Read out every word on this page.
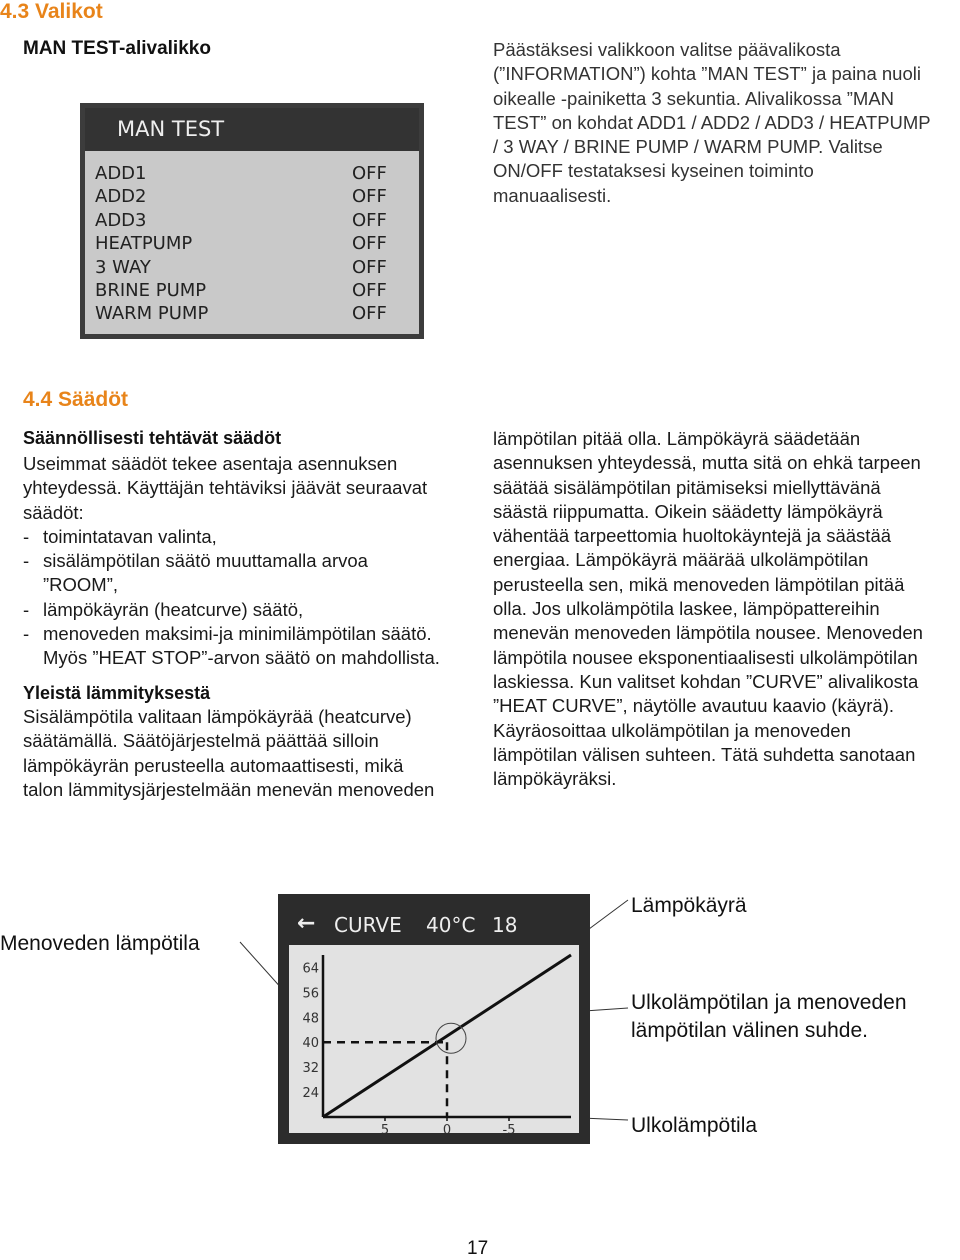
4.3 Valikot
MAN TEST-alivalikko
MAN TEST
ADD1	OFF
ADD2	OFF
ADD3	OFF
HEATPUMP	OFF
3 WAY	OFF
BRINE PUMP	OFF
WARM PUMP	OFF
Päästäksesi valikkoon valitse päävalikosta (”INFORMATION”) kohta ”MAN TEST” ja paina nuoli oikealle -painiketta 3 sekuntia. Alivalikossa ”MAN TEST” on kohdat ADD1 / ADD2 / ADD3 / HEATPUMP / 3 WAY / BRINE PUMP / WARM PUMP. Valitse ON/OFF testataksesi kyseinen toiminto manuaalisesti.
4.4 Säädöt
Säännöllisesti tehtävät säädöt

Useimmat säädöt tekee asentaja asennuksen yhteydessä. Käyttäjän tehtäviksi jäävät seuraavat säädöt:

- toimintatavan valinta,
- sisälämpötilan säätö muuttamalla arvoa ”ROOM”,
- lämpökäyrän (heatcurve) säätö,
- menoveden maksimi-ja minimilämpötilan säätö. Myös ”HEAT STOP”-arvon säätö on mahdollista.
Yleistä lämmityksestä

Sisälämpötila valitaan lämpökäyrää (heatcurve) säätämällä. Säätöjärjestelmä päättää silloin lämpökäyrän perusteella automaattisesti, mikä talon lämmitysjärjestelmään menevän menoveden

lämpötilan pitää olla. Lämpökäyrä säädetään asennuksen yhteydessä, mutta sitä on ehkä tarpeen säätää sisälämpötilan pitämiseksi miellyttävänä säästä riippumatta. Oikein säädetty lämpökäyrä vähentää tarpeettomia huoltokäyntejä ja säästää energiaa. Lämpökäyrä määrää ulkolämpötilan perusteella sen, mikä menoveden lämpötilan pitää olla. Jos ulkolämpötila laskee, lämpöpattereihin menevän menoveden lämpötila nousee. Menoveden lämpötila nousee eksponentiaalisesti ulkolämpötilan laskiessa. Kun valitset kohdan ”CURVE” alivalikosta ”HEAT CURVE”, näytölle avautuu kaavio (käyrä). Käyräosoittaa ulkolämpötilan ja menoveden lämpötilan välisen suhteen. Tätä suhdetta sanotaan lämpökäyräksi.
Menoveden lämpötila
Lämpökäyrä
Ulkolämpötilan ja menoveden
lämpötilan välinen suhde.
Ulkolämpötila
← CURVE 40°C 18
64
56
48
40
32
24
5	0	-5
17
